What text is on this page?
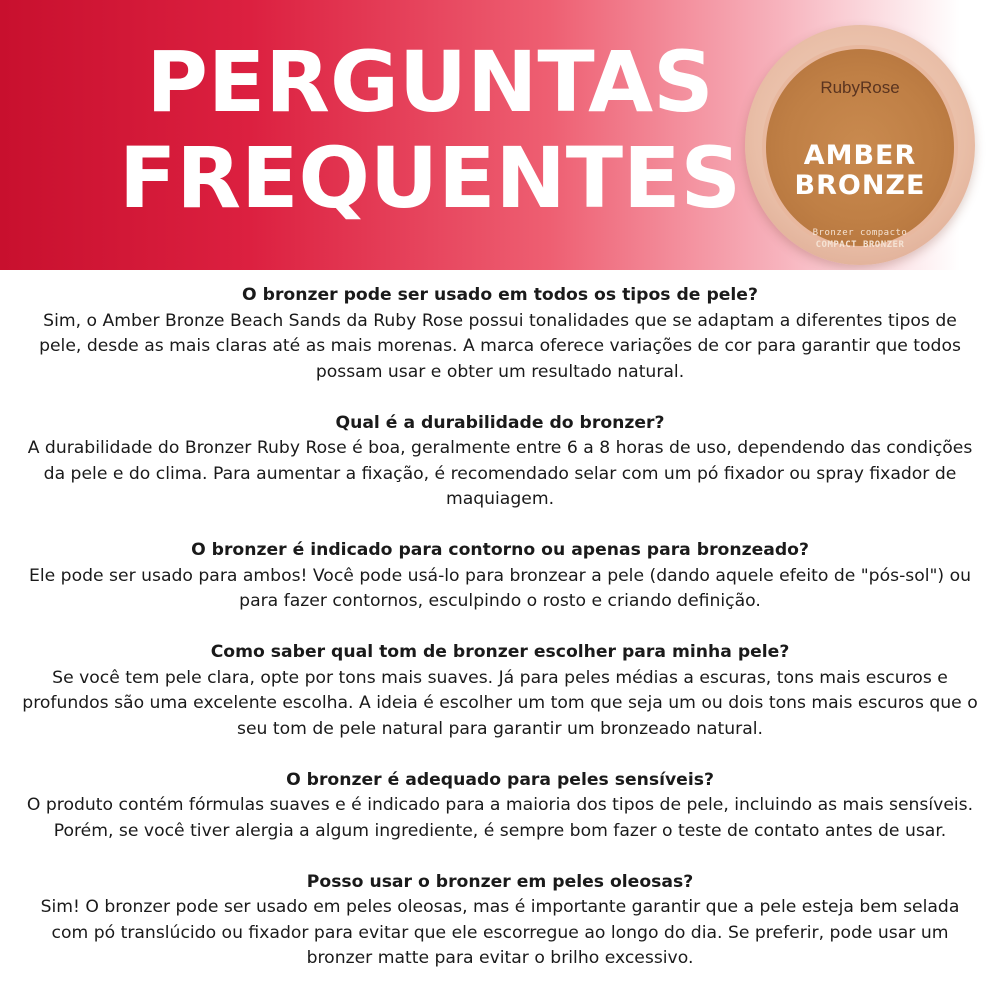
PERGUNTAS
FREQUENTES
RubyRose
AMBER
BRONZE
Bronzer compacto
COMPACT BRONZER
O bronzer pode ser usado em todos os tipos de pele?
Sim, o Amber Bronze Beach Sands da Ruby Rose possui tonalidades que se adaptam a diferentes tipos de pele, desde as mais claras até as mais morenas. A marca oferece variações de cor para garantir que todos possam usar e obter um resultado natural.
Qual é a durabilidade do bronzer?
A durabilidade do Bronzer Ruby Rose é boa, geralmente entre 6 a 8 horas de uso, dependendo das condições da pele e do clima. Para aumentar a fixação, é recomendado selar com um pó fixador ou spray fixador de maquiagem.
O bronzer é indicado para contorno ou apenas para bronzeado?
Ele pode ser usado para ambos! Você pode usá-lo para bronzear a pele (dando aquele efeito de "pós-sol") ou para fazer contornos, esculpindo o rosto e criando definição.
Como saber qual tom de bronzer escolher para minha pele?
Se você tem pele clara, opte por tons mais suaves. Já para peles médias a escuras, tons mais escuros e profundos são uma excelente escolha. A ideia é escolher um tom que seja um ou dois tons mais escuros que o seu tom de pele natural para garantir um bronzeado natural.
O bronzer é adequado para peles sensíveis?
O produto contém fórmulas suaves e é indicado para a maioria dos tipos de pele, incluindo as mais sensíveis. Porém, se você tiver alergia a algum ingrediente, é sempre bom fazer o teste de contato antes de usar.
Posso usar o bronzer em peles oleosas?
Sim! O bronzer pode ser usado em peles oleosas, mas é importante garantir que a pele esteja bem selada com pó translúcido ou fixador para evitar que ele escorregue ao longo do dia. Se preferir, pode usar um bronzer matte para evitar o brilho excessivo.
